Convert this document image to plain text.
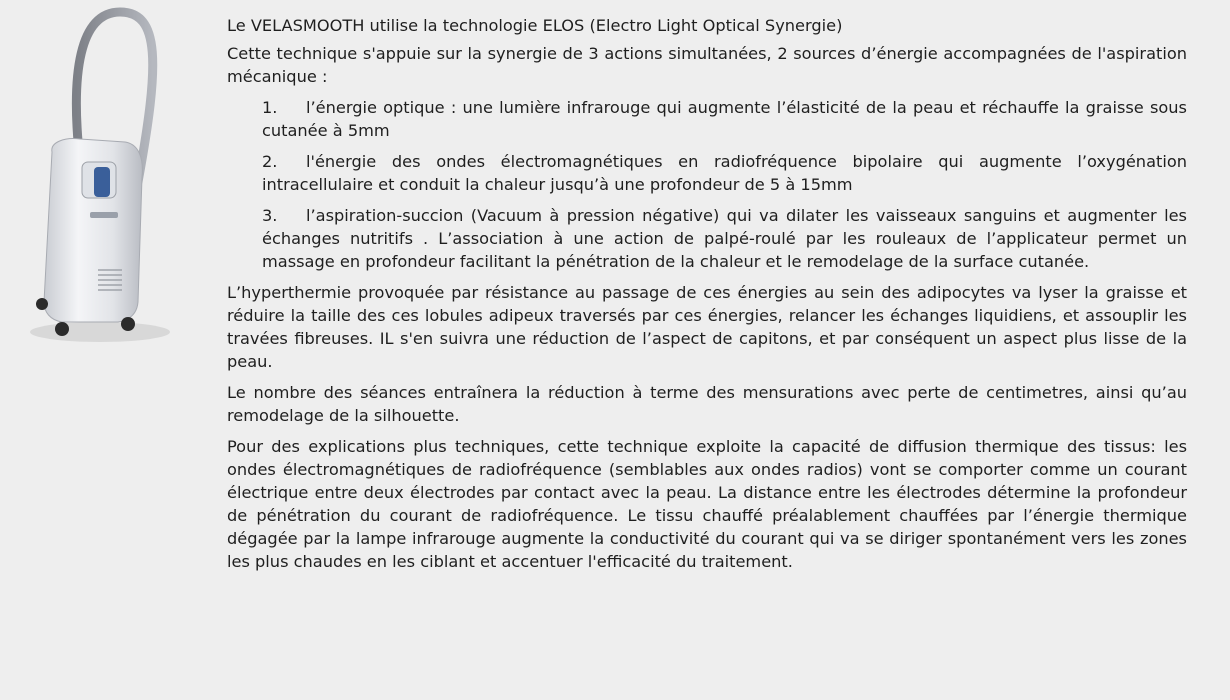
Le VELASMOOTH utilise la technologie ELOS (Electro Light Optical Synergie)

Cette technique s'appuie sur la synergie de 3 actions simultanées, 2 sources d’énergie accompagnées de l'aspiration mécanique :

1. l’énergie optique : une lumière infrarouge qui augmente l’élasticité de la peau et réchauffe la graisse sous cutanée à 5mm
2. l'énergie des ondes électromagnétiques en radiofréquence bipolaire qui augmente l’oxygénation intracellulaire et conduit la chaleur jusqu’à une profondeur de 5 à 15mm
3. l’aspiration-succion (Vacuum à pression négative) qui va dilater les vaisseaux sanguins et augmenter les échanges nutritifs . L’association à une action de palpé-roulé par les rouleaux de l’applicateur permet un massage en profondeur facilitant la pénétration de la chaleur et le remodelage de la surface cutanée.

L’hyperthermie provoquée par résistance au passage de ces énergies au sein des adipocytes va lyser la graisse et réduire la taille des ces lobules adipeux traversés par ces énergies, relancer les échanges liquidiens, et assouplir les travées fibreuses. IL s'en suivra une réduction de l’aspect de capitons, et par conséquent un aspect plus lisse de la peau.

Le nombre des séances entraînera la réduction à terme des mensurations avec perte de centimetres, ainsi qu’au remodelage de la silhouette.

Pour des explications plus techniques, cette technique exploite la capacité de diffusion thermique des tissus: les ondes électromagnétiques de radiofréquence (semblables aux ondes radios) vont se comporter comme un courant électrique entre deux électrodes par contact avec la peau. La distance entre les électrodes détermine la profondeur de pénétration du courant de radiofréquence. Le tissu chauffé préalablement chauffées par l’énergie thermique dégagée par la lampe infrarouge augmente la conductivité du courant qui va se diriger spontanément vers les zones les plus chaudes en les ciblant et accentuer l'efficacité du traitement.
